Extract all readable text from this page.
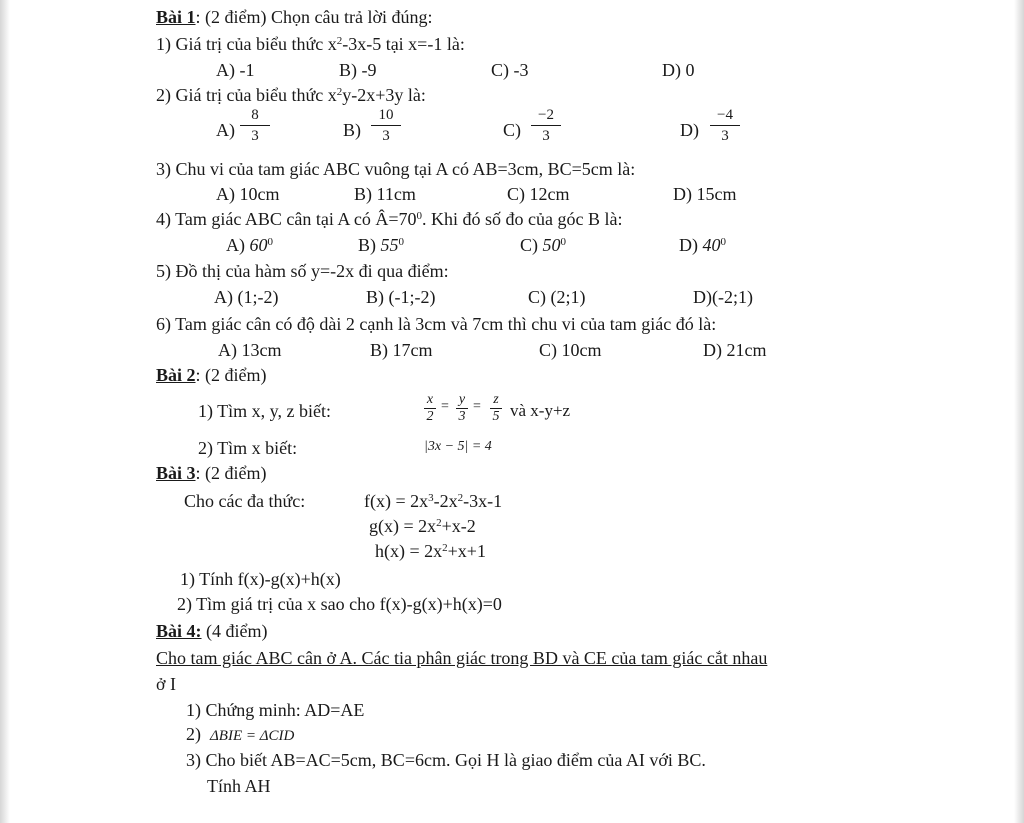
Bài 1: (2 điểm) Chọn câu trả lời đúng:
1) Giá trị của biểu thức $x^2-3x-5$ tại x=-1 là:
A) -1	B) -9	C) -3	D) 0
2) Giá trị của biểu thức $x^2y-2x+3y$ là:
A)
8
3	B)
10
3	C)
−2
3	D)
−4
3
3) Chu vi của tam giác ABC vuông tại A có AB=3cm, BC=5cm là:
A) 10cm	B) 11cm	C) 12cm	D) 15cm
4) Tam giác ABC cân tại A có $Â=70^0$. Khi đó số đo của góc B là:
A) $60^0$	B) $55^0$	C) $50^0$	D) $40^0$
5) Đồ thị của hàm số y=-2x đi qua điểm:
A) (1;-2)	B) (-1;-2)	C) (2;1)	D)(-2;1)
6) Tam giác cân có độ dài 2 cạnh là 3cm và 7cm thì chu vi của tam giác đó là:
A) 13cm	B) 17cm	C) 10cm	D) 21cm
Bài 2: (2 điểm)
1) Tìm x, y, z biết:
x
2
= y
3
= z
5 và x-y+z
2) Tìm x biết:	|3x − 5| = 4
Bài 3: (2 điểm)
Cho các đa thức:	$f(x) = 2x^3-2x^2-3x-1$
$g(x) = 2x^2+x-2$
$h(x) = 2x^2+x+1$
1) Tính f(x)-g(x)+h(x)
2) Tìm giá trị của x sao cho f(x)-g(x)+h(x)=0
Bài 4: (4 điểm)
Cho tam giác ABC cân ở A. Các tia phân giác trong BD và CE của tam giác cắt nhau
ở I
1) Chứng minh: AD=AE
2) ΔBIE = ΔCID
3) Cho biết AB=AC=5cm, BC=6cm. Gọi H là giao điểm của AI với BC.
Tính AH
